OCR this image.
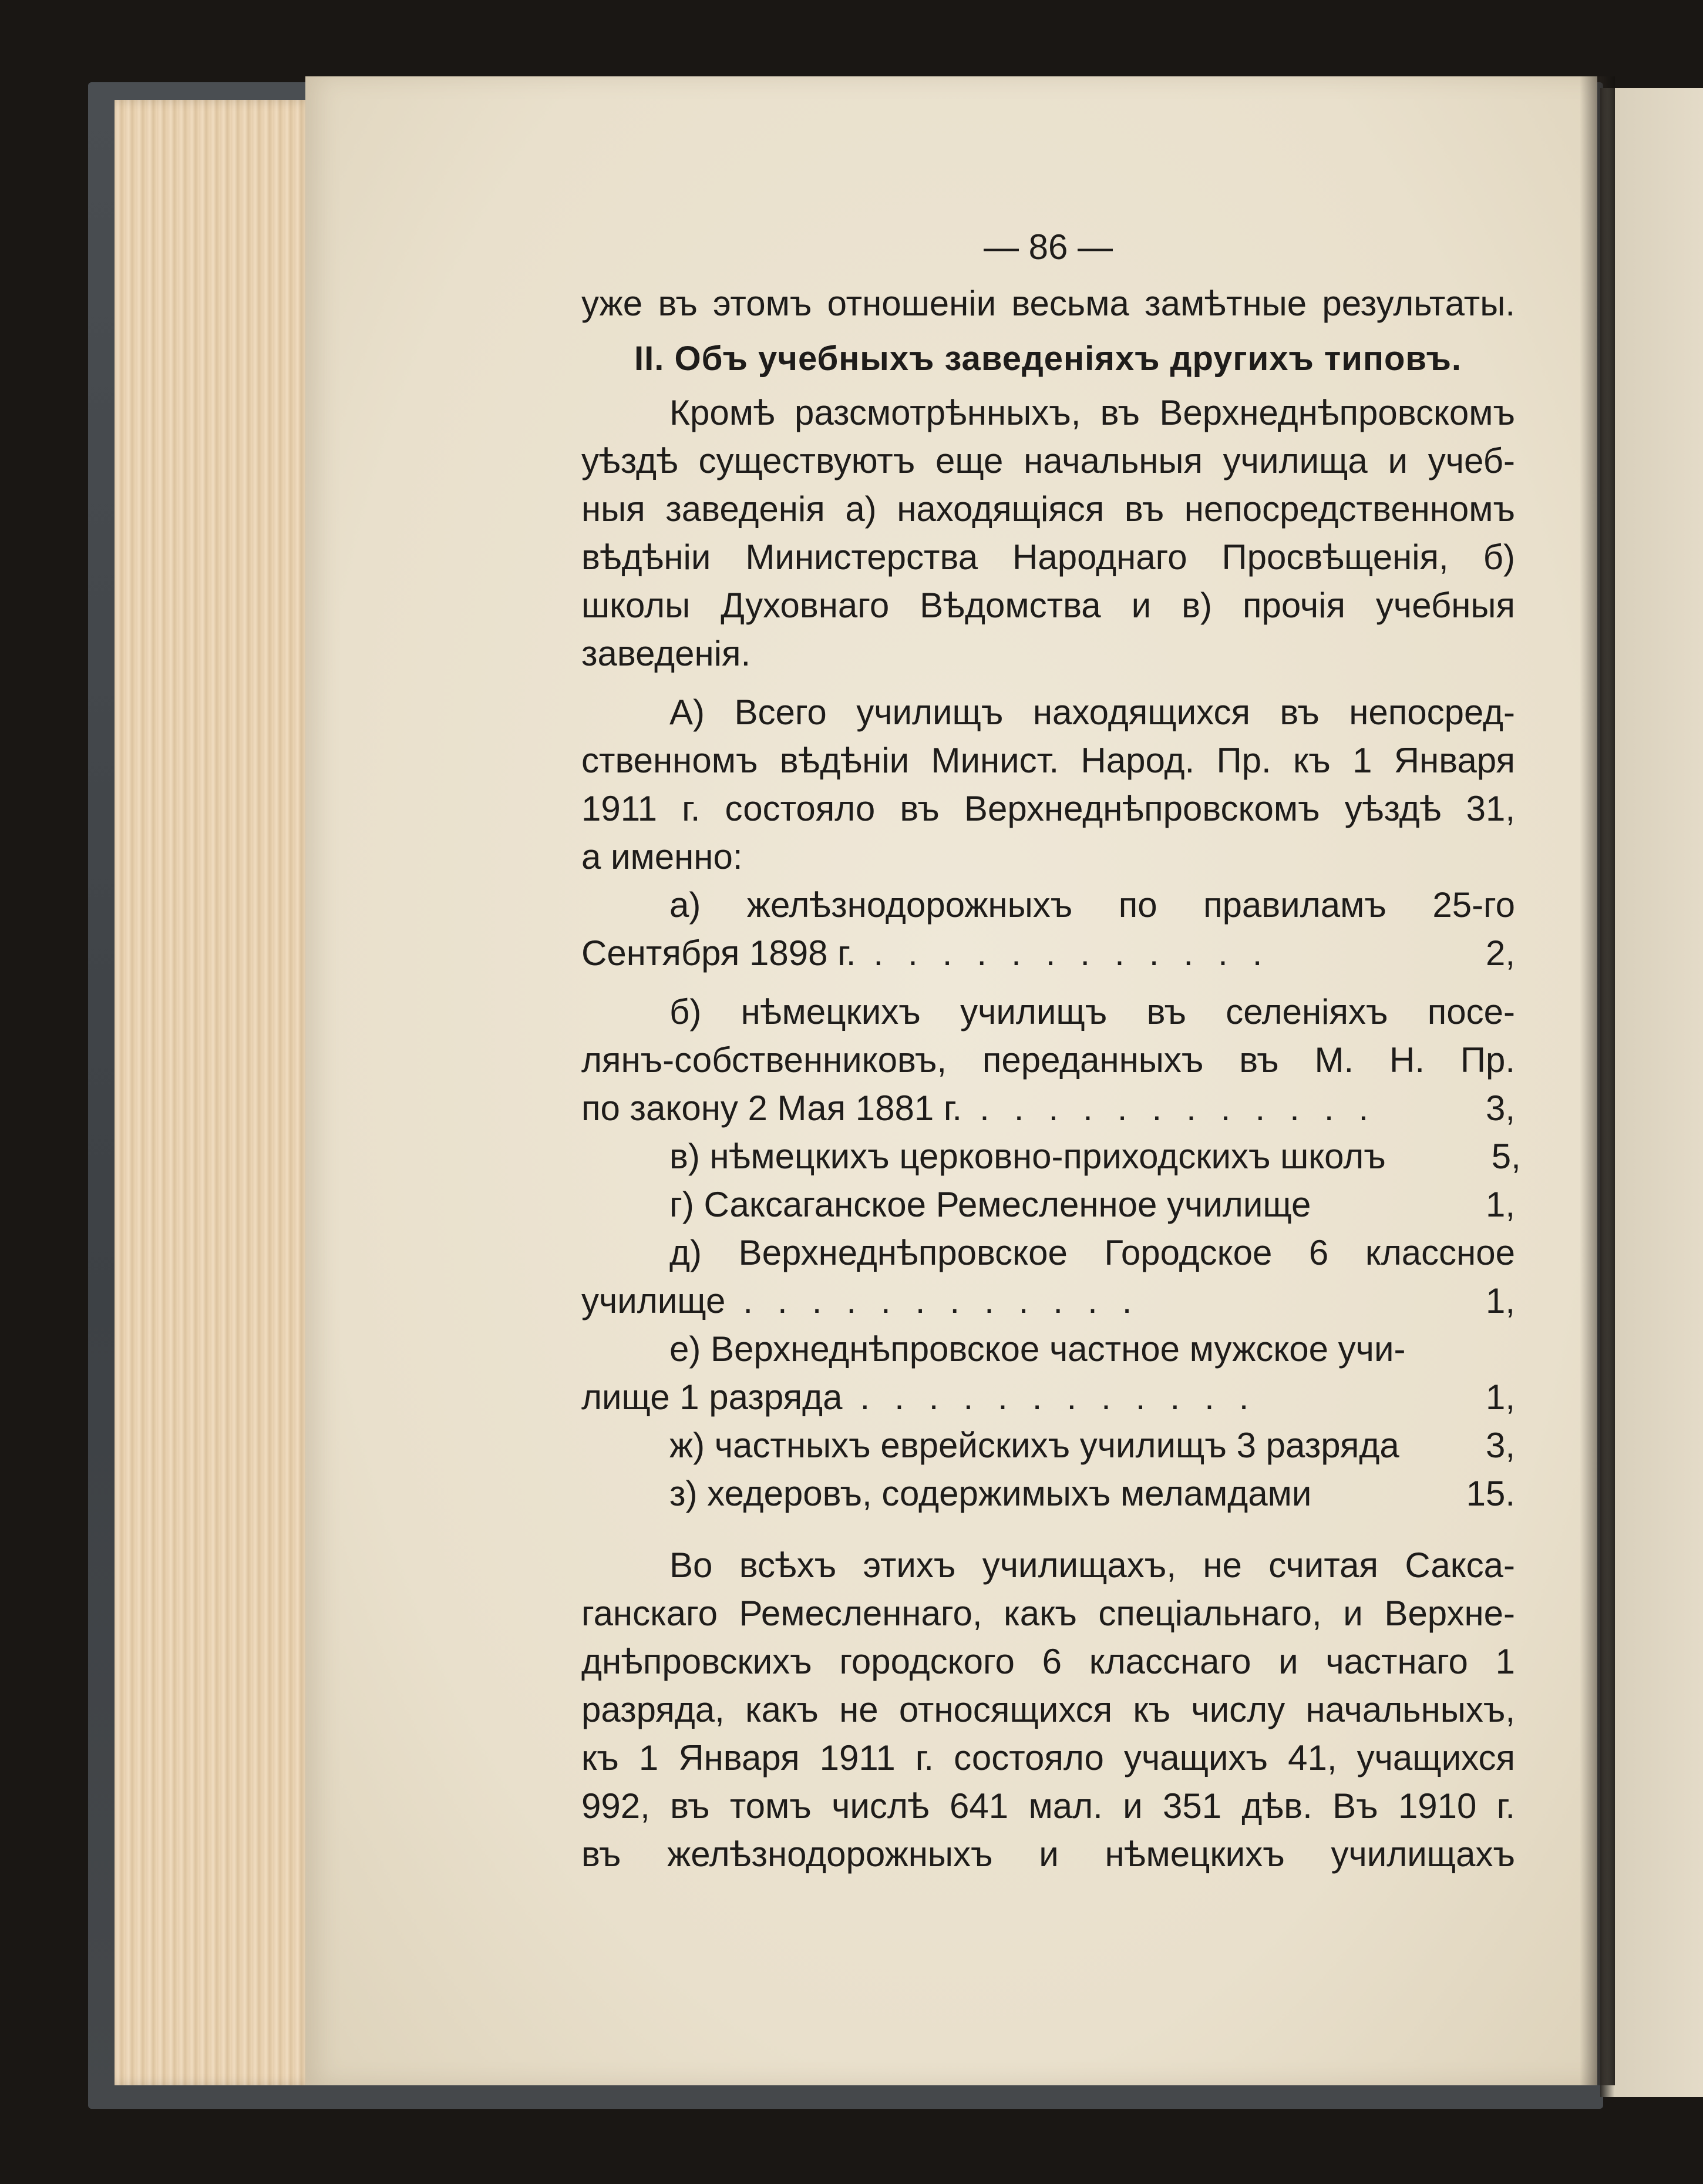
— 86 —
уже въ этомъ отношенiи весьма замѣтные результаты.
II. Объ учебныхъ заведенiяхъ другихъ типовъ.
Кромѣ разсмотрѣнныхъ, въ Верхнеднѣпровскомъ
уѣздѣ существуютъ еще начальныя училища и учеб-
ныя заведенiя а) находящiяся въ непосредственномъ
вѣдѣнiи Министерства Народнаго Просвѣщенiя, б)
школы Духовнаго Вѣдомства и в) прочiя учебныя
заведенiя.
А) Всего училищъ находящихся въ непосред-
ственномъ вѣдѣнiи Минист. Народ. Пр. къ 1 Января
1911 г. состояло въ Верхнеднѣпровскомъ уѣздѣ 31,
а именно:
а) желѣзнодорожныхъ по правиламъ 25-го
Сентября 1898 г. ............	2,
б) нѣмецкихъ училищъ въ селенiяхъ посе-
лянъ-собственниковъ, переданныхъ въ М. Н. Пр.
по закону 2 Мая 1881 г. ............	3,
в) нѣмецкихъ церковно-приходскихъ школъ	5,
г) Саксаганское Ремесленное училище	1,
д) Верхнеднѣпровское Городское 6 классное
училище ............	1,
е) Верхнеднѣпровское частное мужское учи-
лище 1 разряда ............	1,
ж) частныхъ еврейскихъ училищъ 3 разряда 3,
з) хедеровъ, содержимыхъ меламдами	15.
Во всѣхъ этихъ училищахъ, не считая Сакса-
ганскаго Ремесленнаго, какъ спецiальнаго, и Верхне-
днѣпровскихъ городского 6 класснаго и частнаго 1
разряда, какъ не относящихся къ числу начальныхъ,
къ 1 Января 1911 г. состояло учащихъ 41, учащихся
992, въ томъ числѣ 641 мал. и 351 дѣв. Въ 1910 г.
въ желѣзнодорожныхъ и нѣмецкихъ училищахъ
